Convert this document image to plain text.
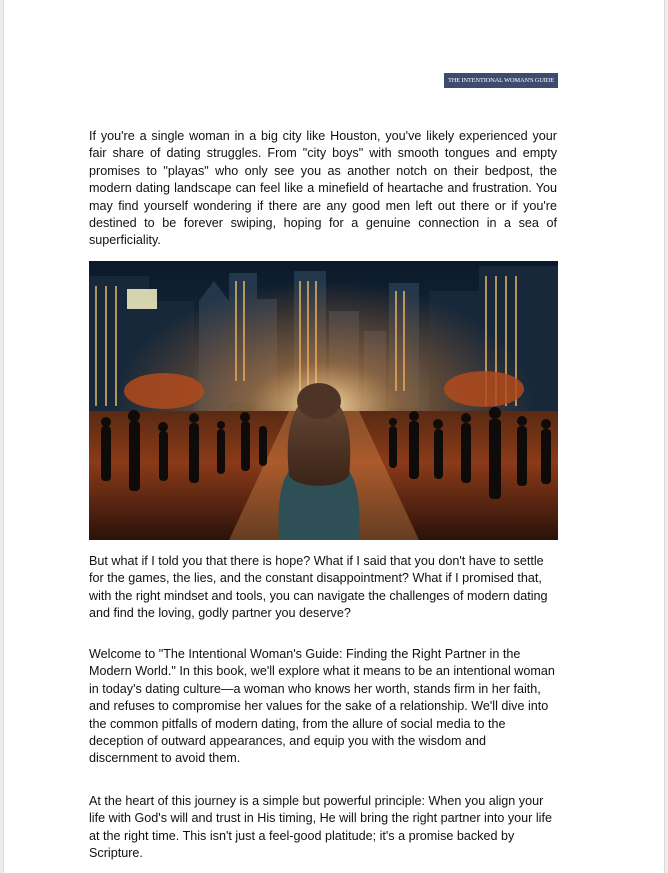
THE INTENTIONAL WOMAN'S GUIDE

If you're a single woman in a big city like Houston, you've likely experienced your fair share of dating struggles. From "city boys" with smooth tongues and empty promises to "playas" who only see you as another notch on their bedpost, the modern dating landscape can feel like a minefield of heartache and frustration. You may find yourself wondering if there are any good men left out there or if you're destined to be forever swiping, hoping for a genuine connection in a sea of superficiality.

But what if I told you that there is hope? What if I said that you don't have to settle for the games, the lies, and the constant disappointment? What if I promised that, with the right mindset and tools, you can navigate the challenges of modern dating and find the loving, godly partner you deserve?

Welcome to "The Intentional Woman's Guide: Finding the Right Partner in the Modern World." In this book, we'll explore what it means to be an intentional woman in today's dating culture—a woman who knows her worth, stands firm in her faith, and refuses to compromise her values for the sake of a relationship. We'll dive into the common pitfalls of modern dating, from the allure of social media to the deception of outward appearances, and equip you with the wisdom and discernment to avoid them.

At the heart of this journey is a simple but powerful principle: When you align your life with God's will and trust in His timing, He will bring the right partner into your life at the right time. This isn't just a feel-good platitude; it's a promise backed by Scripture.
